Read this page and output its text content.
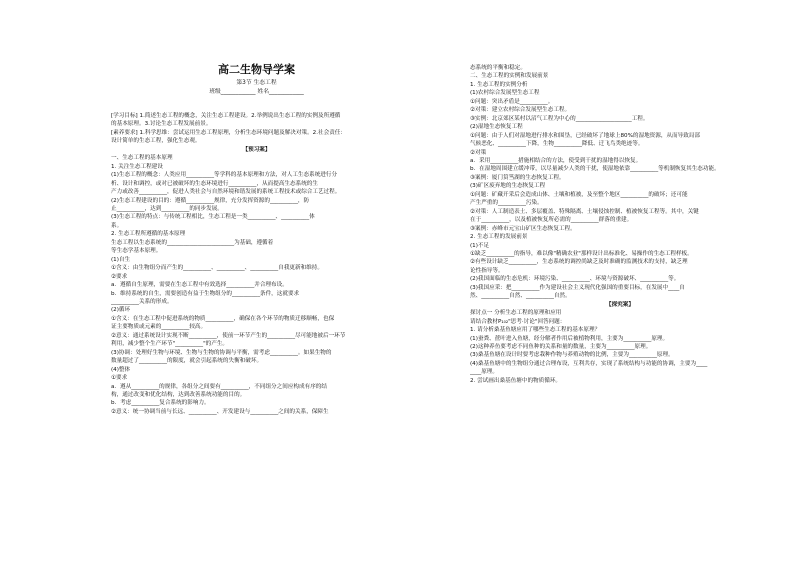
高二生物导学案
第3节 生态工程
班级____________ 姓名____________
[学习目标] 1.简述生态工程的概念，关注生态工程建设。2.举例说出生态工程的实例及所遵循
的基本原理。3.讨论生态工程发展前景。
[素养要求] 1.科学思维：尝试运用生态工程原理，分析生态环境问题及解决对策。2.社会责任：
设计简单的生态工程，强化生态观。
【预习案】
一、生态工程的基本原理
1. 关注生态工程建设
(1)生态工程的概念：人类应用__________等学科的基本原理和方法，对人工生态系统进行分
析、设计和调控，或对已被破坏的生态环境进行__________，从而提高生态系统的生
产力或改善__________，促进人类社会与自然环境和谐发展的系统工程技术或综合工艺过程。
(2)生态工程建设的目的：遵循__________规律，充分发挥资源的__________，防
止__________，达到__________的同步发展。
(3)生态工程的特点：与传统工程相比，生态工程是一类__________、__________体
系。
2. 生态工程所遵循的基本原理
生态工程以生态系统的________________________为基础，遵循着
等生态学基本原理。
(1)自生
①含义：由生物组分而产生的__________、__________、__________自我更新和维持。
②要求
a．遵循自生原理，需要在生态工程中有效选择__________并合理布设。
b．维持系统的自生，需要创造有益于生物组分的__________条件，这就要求
__________关系的形成。
(2)循环
①含义：在生态工程中促进系统的物质__________，确保在各个环节的物质迁移顺畅，也保
证主要物质或元素的__________较高。
②意义：通过系统设计实现不断__________，使前一环节产生的__________尽可能地被后一环节
利用，减少整个生产环节"__________"的产生。
(3)协调：处理好生物与环境、生物与生物的协调与平衡，需考虑__________。如果生物的
数量超过了__________的限度，就会引起系统的失衡和破坏。
(4)整体
①要求
a．遵从__________的规律，各组分之间要有__________，不同组分之间应构成有序的结
构，通过改变和优化结构，达到改善系统功能的目的。
b．考虑__________复合系统的影响力。
②意义：统一协调当前与长远、__________、开发建设与__________之间的关系，保障生
态系统的平衡和稳定。
二、生态工程的实例和发展前景
1. 生态工程的实例分析
(1)农村综合发展型生态工程
①问题：突出矛盾是__________。
②对策：建立农村综合发展型生态工程。
③实例：北京郊区某村以沼气工程为中心的____________________工程。
(2)湿地生态恢复工程
①问题：由于人们对湿地进行排水和围垦，已经破坏了地球上80%的湿地资源，从而导致局部
气候恶化、__________下降，生物__________降低、迁飞鸟类绝迹等。
②对策
a．采用__________措施相结合的方法，使受到干扰的湿地得以恢复。
b．在湿地周围建立缓冲带，以尽量减少人类的干扰，使湿地依靠__________等机制恢复其生态功能。
③案例：厦门筼筜湖的生态恢复工程。
(3)矿区废弃地的生态恢复工程
①问题：矿藏开采后会造成山体、土壤和植被，及至整个地区__________的破坏；还可能
产生严重的__________污染。
②对策：人工制造表土、多层覆盖、特殊隔离、土壤侵蚀控制、植被恢复工程等。其中，关键
在于__________，以及植被恢复所必需的__________群落的重建。
③案例：赤峰市元宝山矿区生态恢复工程。
2. 生态工程的发展前景
(1)不足
①缺乏__________的指导，难以像"精确农业"那样设计出标准化、易操作的生态工程样板。
②有些设计缺乏__________，生态系统的调控尚缺乏及时准确的监测技术的支持，缺乏理
论性指导等。
(2)我国面临的生态危机：环境污染、__________、环境与资源破坏、__________等。
(3)我国应采：把__________作为建设社会主义现代化强国的重要目标，在发展中____自
然、__________自然、__________自然。
【探究案】
探讨点一 分析生态工程的原理和应用
请结合教材P₁₀₂"思考·讨论"回答问题：
1. 请分析桑基鱼塘应用了哪些生态工程的基本原理？
(1)蚕粪、蔗叶进入鱼塘，经分解者作用后被植物利用，主要为__________原理。
(2)这种养鱼要考虑不同鱼种的关系和量的数量，主要为__________原理。
(3)桑基鱼塘在设计时要考虑栽种作物与养殖动物的比例，主要为__________原理。
(4)桑基鱼塘中的生物组分通过合理布设，互利共存，实现了系统结构与功能的协调，主要为____
____原理。
2. 尝试画出桑基鱼塘中的物质循环。
